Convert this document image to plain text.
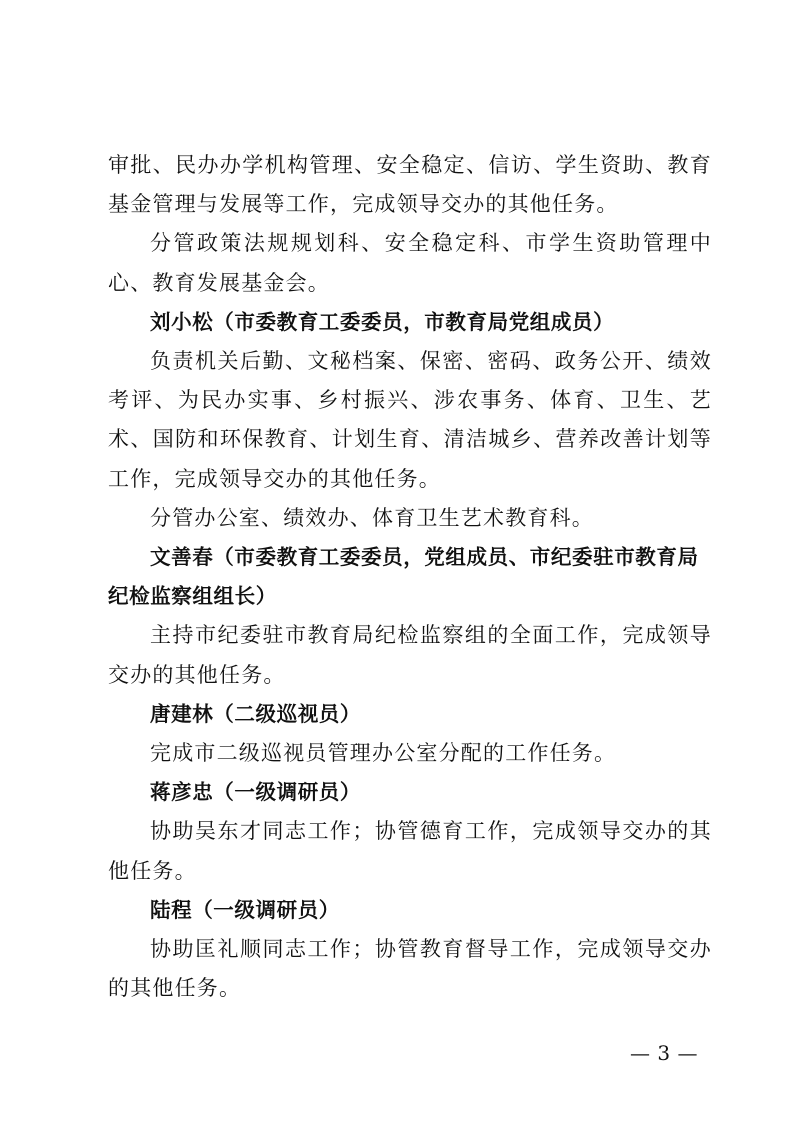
审批、民办办学机构管理、安全稳定、信访、学生资助、教育基金管理与发展等工作，完成领导交办的其他任务。

分管政策法规规划科、安全稳定科、市学生资助管理中心、教育发展基金会。

刘小松（市委教育工委委员，市教育局党组成员）

负责机关后勤、文秘档案、保密、密码、政务公开、绩效考评、为民办实事、乡村振兴、涉农事务、体育、卫生、艺术、国防和环保教育、计划生育、清洁城乡、营养改善计划等工作，完成领导交办的其他任务。

分管办公室、绩效办、体育卫生艺术教育科。

文善春（市委教育工委委员，党组成员、市纪委驻市教育局纪检监察组组长）

主持市纪委驻市教育局纪检监察组的全面工作，完成领导交办的其他任务。

唐建林（二级巡视员）

完成市二级巡视员管理办公室分配的工作任务。

蒋彦忠（一级调研员）

协助吴东才同志工作；协管德育工作，完成领导交办的其他任务。

陆程（一级调研员）

协助匡礼顺同志工作；协管教育督导工作，完成领导交办的其他任务。

— 3 —
